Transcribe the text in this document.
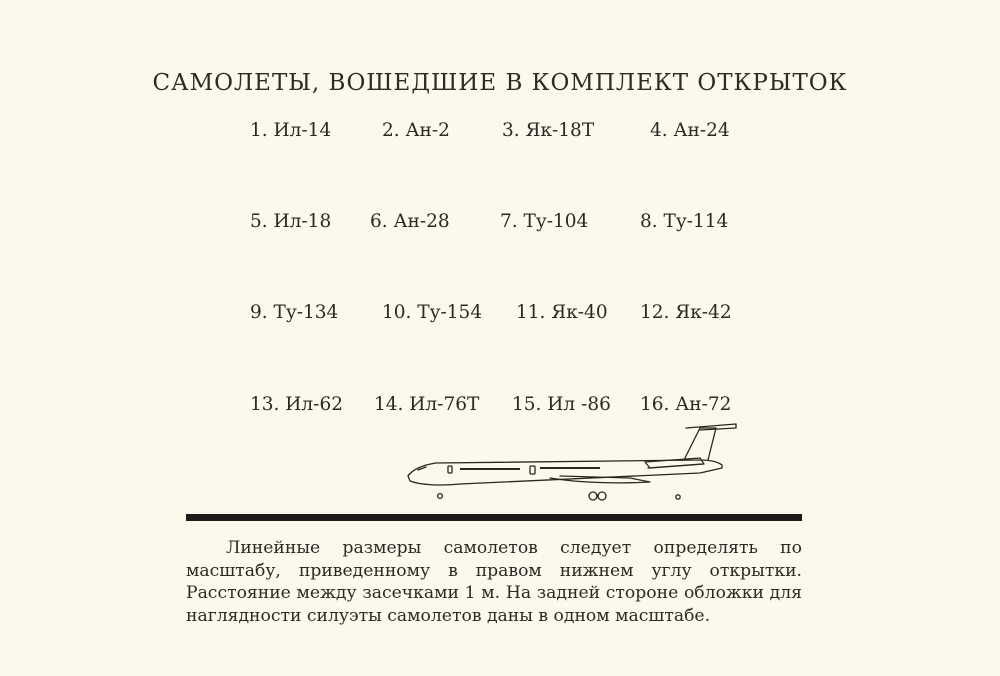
САМОЛЕТЫ, ВОШЕДШИЕ В КОМПЛЕКТ ОТКРЫТОК
1. Ил-14	2. Ан-2	3. Як-18Т	4. Ан-24
5. Ил-18 6. Ан-28	7. Ту-104	8. Ту-114
9. Ту-134 10. Ту-154 11. Як-40 12. Як-42
13. Ил-62 14. Ил-76Т 15. Ил -86 16. Ан-72

Линейные размеры самолетов следует определять по масштабу, приведенному в правом нижнем углу открытки. Расстояние между засечками 1 м. На задней стороне обложки для наглядности силуэты самолетов даны в одном масштабе.
